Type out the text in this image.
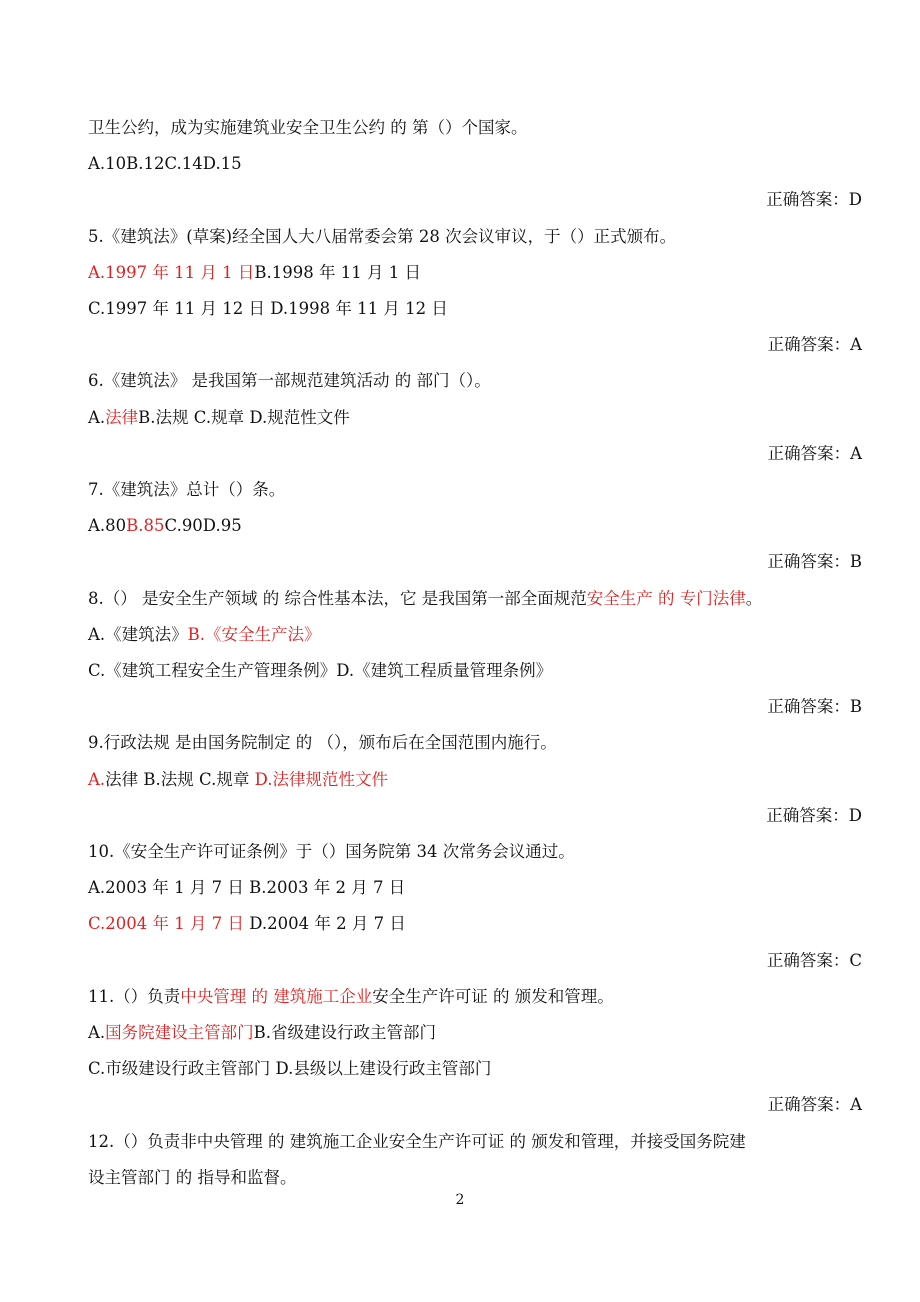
卫生公约，成为实施建筑业安全卫生公约 的 第（）个国家。
A.10B.12C.14D.15
正确答案：D
5.《建筑法》(草案)经全国人大八届常委会第 28 次会议审议，于（）正式颁布。
A.1997 年 11 月 1 日B.1998 年 11 月 1 日
C.1997 年 11 月 12 日 D.1998 年 11 月 12 日
正确答案：A
6.《建筑法》 是我国第一部规范建筑活动 的 部门（）。
A.法律B.法规 C.规章 D.规范性文件
正确答案：A
7.《建筑法》总计（）条。
A.80B.85C.90D.95
正确答案：B
8.（） 是安全生产领域 的 综合性基本法，它 是我国第一部全面规范安全生产 的 专门法律。
A.《建筑法》B.《安全生产法》
C.《建筑工程安全生产管理条例》D.《建筑工程质量管理条例》
正确答案：B
9.行政法规 是由国务院制定 的 （），颁布后在全国范围内施行。
A.法律 B.法规 C.规章 D.法律规范性文件
正确答案：D
10.《安全生产许可证条例》于（）国务院第 34 次常务会议通过。
A.2003 年 1 月 7 日 B.2003 年 2 月 7 日
C.2004 年 1 月 7 日 D.2004 年 2 月 7 日
正确答案：C
11.（）负责中央管理 的 建筑施工企业安全生产许可证 的 颁发和管理。
A.国务院建设主管部门B.省级建设行政主管部门
C.市级建设行政主管部门 D.县级以上建设行政主管部门
正确答案：A
12.（）负责非中央管理 的 建筑施工企业安全生产许可证 的 颁发和管理，并接受国务院建
设主管部门 的 指导和监督。
2
